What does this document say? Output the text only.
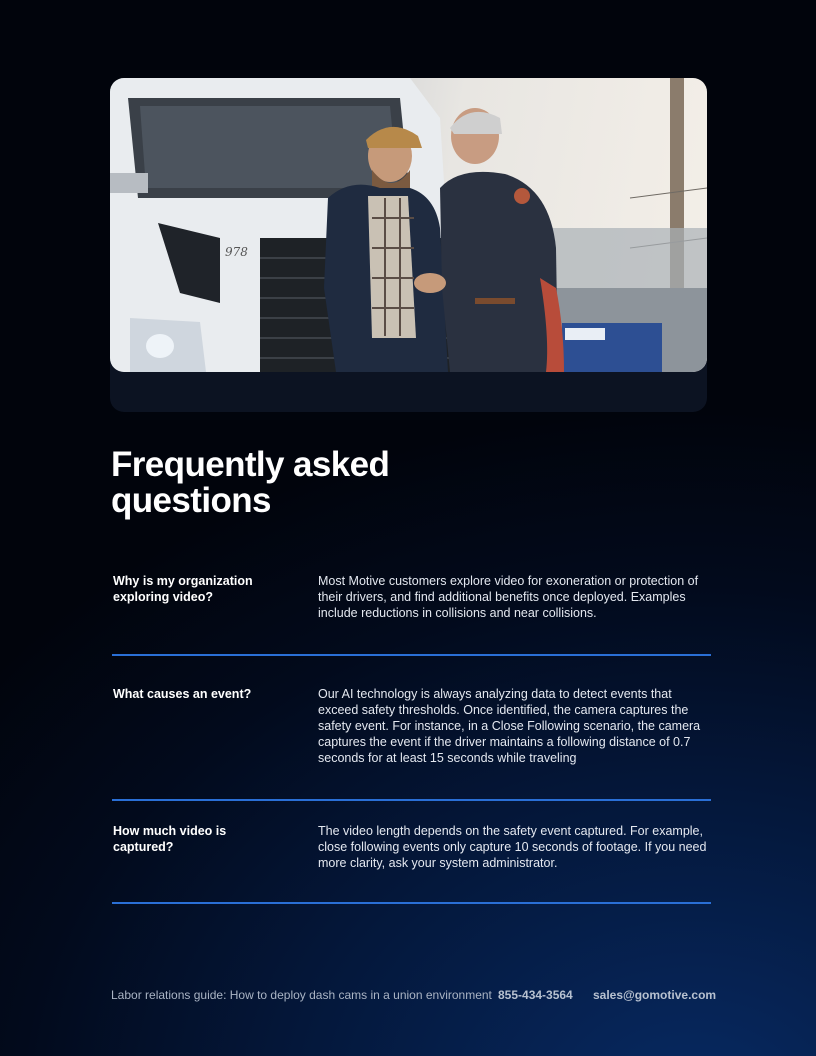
978
Frequently asked
questions
Why is my organization exploring video?
Most Motive customers explore video for exoneration or protection of their drivers, and find additional benefits once deployed. Examples include reductions in collisions and near collisions.
What causes an event?	Our AI technology is always analyzing data to detect events that exceed safety thresholds. Once identified, the camera captures the safety event. For instance, in a Close Following scenario, the camera captures the event if the driver maintains a following distance of 0.7 seconds for at least 15 seconds while traveling
How much video is captured?
The video length depends on the safety event captured. For example, close following events only capture 10 seconds of footage. If you need more clarity, ask your system administrator.
Labor relations guide: How to deploy dash cams in a union environment 855-434-3564 sales@gomotive.com
